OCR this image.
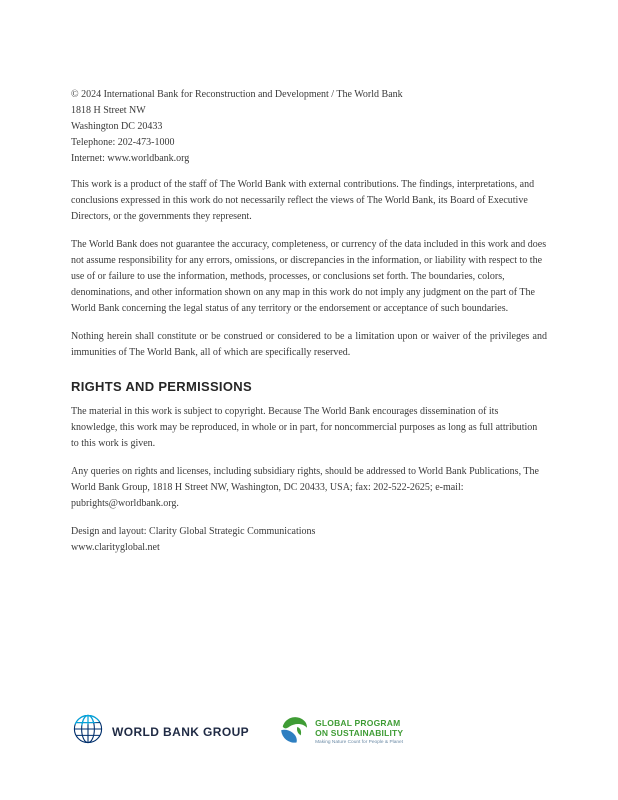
© 2024 International Bank for Reconstruction and Development / The World Bank
1818 H Street NW
Washington DC 20433
Telephone: 202-473-1000
Internet: www.worldbank.org

This work is a product of the staff of The World Bank with external contributions. The findings, interpretations, and conclusions expressed in this work do not necessarily reflect the views of The World Bank, its Board of Executive Directors, or the governments they represent.

The World Bank does not guarantee the accuracy, completeness, or currency of the data included in this work and does not assume responsibility for any errors, omissions, or discrepancies in the information, or liability with respect to the use of or failure to use the information, methods, processes, or conclusions set forth. The boundaries, colors, denominations, and other information shown on any map in this work do not imply any judgment on the part of The World Bank concerning the legal status of any territory or the endorsement or acceptance of such boundaries.

Nothing herein shall constitute or be construed or considered to be a limitation upon or waiver of the privileges and immunities of The World Bank, all of which are specifically reserved.

RIGHTS AND PERMISSIONS

The material in this work is subject to copyright. Because The World Bank encourages dissemination of its knowledge, this work may be reproduced, in whole or in part, for noncommercial purposes as long as full attribution to this work is given.

Any queries on rights and licenses, including subsidiary rights, should be addressed to World Bank Publications, The World Bank Group, 1818 H Street NW, Washington, DC 20433, USA; fax: 202-522-2625; e-mail: pubrights@worldbank.org.

Design and layout: Clarity Global Strategic Communications
www.clarityglobal.net
WORLD BANK GROUP
GLOBAL PROGRAM
ON SUSTAINABILITY
Making Nature Count for People & Planet
